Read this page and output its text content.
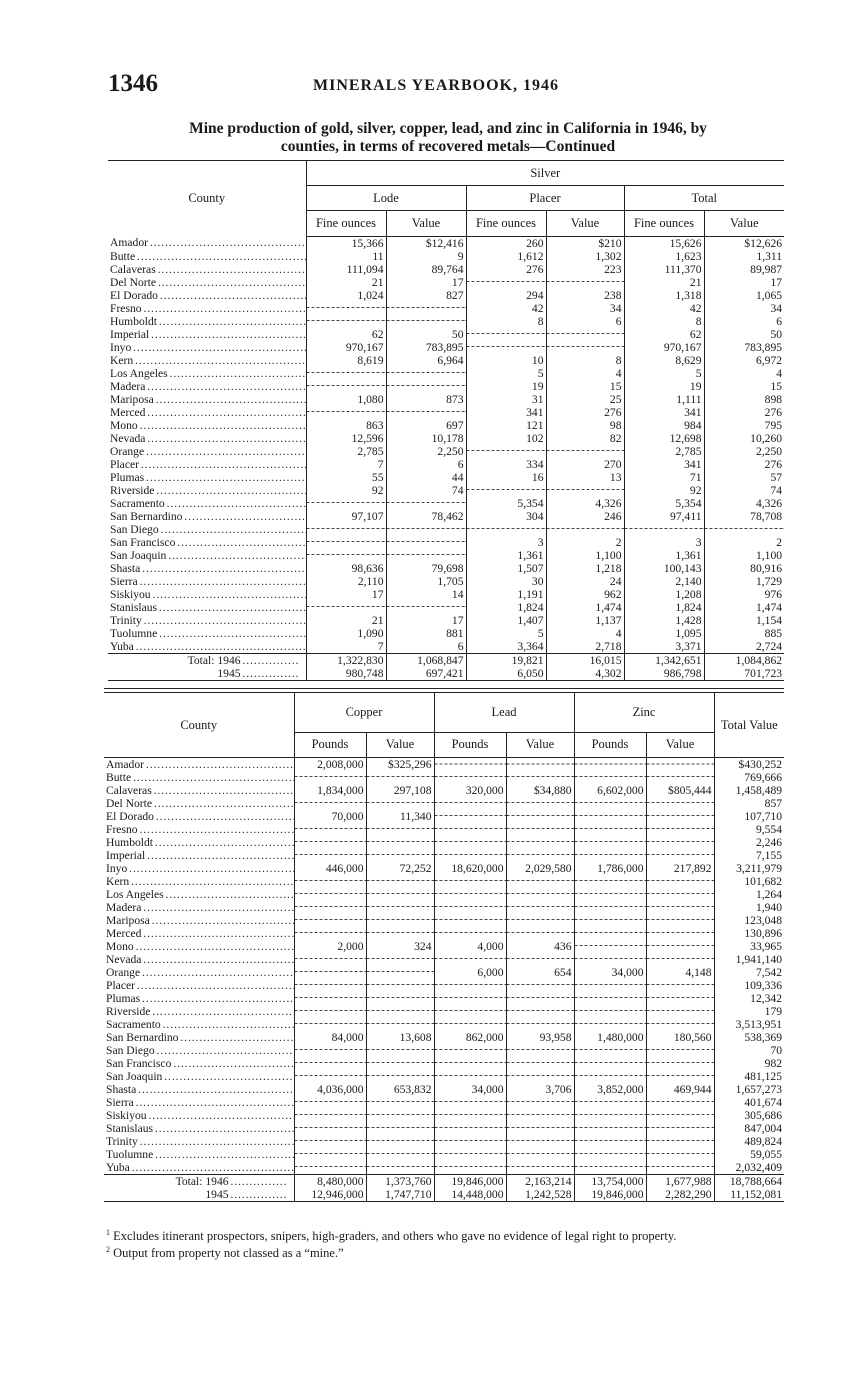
1346	MINERALS YEARBOOK, 1946
Mine production of gold, silver, copper, lead, and zinc in California in 1946, by
counties, in terms of recovered metals—Continued
County	Silver					
	Lode		Placer		Total	
	Fine ounces	Value	Fine ounces	Value	Fine ounces	Value
Amador . . .	15,366	$12,416	260	$210	15,626	$12,626
Butte . . .	11	9	1,612	1,302	1,623	1,311
Calaveras . . .	111,094	89,764	276	223	111,370	89,987
Del Norte . . .	21	17			21	17
El Dorado . . .	1,024	827	294	238	1,318	1,065
Fresno . . .			42	34	42	34
Humboldt . . .			8	6	8	6
Imperial . . .	62	50			62	50
Inyo . . .	970,167	783,895			970,167	783,895
Kern . . .	8,619	6,964	10	8	8,629	6,972
Los Angeles . . .			5	4	5	4
Madera . . .			19	15	19	15
Mariposa . . .	1,080	873	31	25	1,111	898
Merced . . .			341	276	341	276
Mono . . .	863	697	121	98	984	795
Nevada . . .	12,596	10,178	102	82	12,698	10,260
Orange . . .	2,785	2,250			2,785	2,250
Placer . . .	7	6	334	270	341	276
Plumas . . .	55	44	16	13	71	57
Riverside . . .	92	74			92	74
Sacramento . . .			5,354	4,326	5,354	4,326
San Bernardino . . .	97,107	78,462	304	246	97,411	78,708
San Diego . . .						
San Francisco . . .			3	2	3	2
San Joaquin . . .			1,361	1,100	1,361	1,100
Shasta . . .	98,636	79,698	1,507	1,218	100,143	80,916
Sierra . . .	2,110	1,705	30	24	2,140	1,729
Siskiyou . . .	17	14	1,191	962	1,208	976
Stanislaus . . .			1,824	1,474	1,824	1,474
Trinity . . .	21	17	1,407	1,137	1,428	1,154
Tuolumne . . .	1,090	881	5	4	1,095	885
Yuba . . .	7	6	3,364	2,718	3,371	2,724
Total: 1946 . . .	1,322,830	1,068,847	19,821	16,015	1,342,651	1,084,862
1945 . . .	980,748	697,421	6,050	4,302	986,798	701,723
County	Copper		Lead		Zinc		Total Value
	Pounds	Value	Pounds	Value	Pounds	Value	
Amador . . .	2,008,000	$325,296					$430,252
Butte . . .							769,666
Calaveras . . .	1,834,000	297,108	320,000	$34,880	6,602,000	$805,444	1,458,489
Del Norte . . .							857
El Dorado . . .	70,000	11,340					107,710
Fresno . . .							9,554
Humboldt . . .							2,246
Imperial . . .							7,155
Inyo . . .	446,000	72,252	18,620,000	2,029,580	1,786,000	217,892	3,211,979
Kern . . .							101,682
Los Angeles . . .							1,264
Madera . . .							1,940
Mariposa . . .							123,048
Merced . . .							130,896
Mono . . .	2,000	324	4,000	436			33,965
Nevada . . .							1,941,140
Orange . . .			6,000	654	34,000	4,148	7,542
Placer . . .							109,336
Plumas . . .							12,342
Riverside . . .							179
Sacramento . . .							3,513,951
San Bernardino . . .	84,000	13,608	862,000	93,958	1,480,000	180,560	538,369
San Diego . . .							70
San Francisco . . .							982
San Joaquin . . .							481,125
Shasta . . .	4,036,000	653,832	34,000	3,706	3,852,000	469,944	1,657,273
Sierra . . .							401,674
Siskiyou . . .							305,686
Stanislaus . . .							847,004
Trinity . . .							489,824
Tuolumne . . .							59,055
Yuba . . .							2,032,409
Total: 1946 . . .	8,480,000	1,373,760	19,846,000	2,163,214	13,754,000	1,677,988	18,788,664
1945 . . .	12,946,000	1,747,710	14,448,000	1,242,528	19,846,000	2,282,290	11,152,081

$^1$ Excludes itinerant prospectors, snipers, high-graders, and others who gave no evidence of legal right to property.

$^2$ Output from property not classed as a “mine.”
